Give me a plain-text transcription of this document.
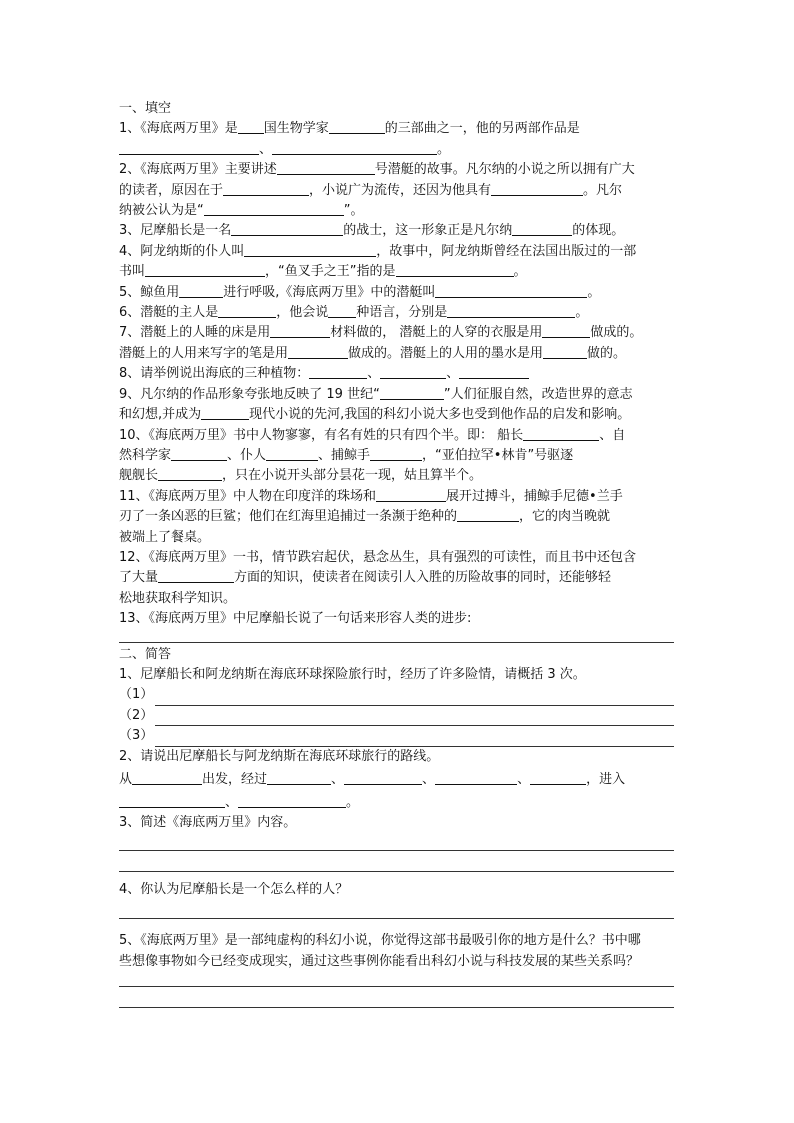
一、填空
1、《海底两万里》是 国生物学家	的三部曲之一，他的另两部作品是
、	。
2、《海底两万里》主要讲述	号潜艇的故事。凡尔纳的小说之所以拥有广大
的读者，原因在于	，小说广为流传，还因为他具有	。凡尔
纳被公认为是“	”。
3、尼摩船长是一名	的战士，这一形象正是凡尔纳	的体现。
4、阿龙纳斯的仆人叫	，故事中，阿龙纳斯曾经在法国出版过的一部
书叫	，“鱼叉手之王”指的是	。
5、鲸鱼用	进行呼吸,《海底两万里》中的潜艇叫	。
6、潜艇的主人是	，他会说 种语言，分别是	。
7、潜艇上的人睡的床是用	材料做的， 潜艇上的人穿的衣服是用	做成的。
潜艇上的人用来写字的笔是用	做成的。潜艇上的人用的墨水是用	做的。
8、请举例说出海底的三种植物：	、	、
9、凡尔纳的作品形象夸张地反映了 19 世纪“	”人们征服自然，改造世界的意志
和幻想,并成为	现代小说的先河,我国的科幻小说大多也受到他作品的启发和影响。
10、《海底两万里》书中人物寥寥，有名有姓的只有四个半。即： 船长	、自
然科学家	、仆人	、捕鲸手	，“亚伯拉罕•林肯”号驱逐
舰舰长	，只在小说开头部分昙花一现，姑且算半个。
11、《海底两万里》中人物在印度洋的珠场和	展开过搏斗，捕鲸手尼德•兰手
刃了一条凶恶的巨鲨；他们在红海里追捕过一条濒于绝种的	，它的肉当晚就
被端上了餐桌。
12、《海底两万里》一书，情节跌宕起伏，悬念丛生，具有强烈的可读性，而且书中还包含
了大量	方面的知识，使读者在阅读引人入胜的历险故事的同时，还能够轻
松地获取科学知识。
13、《海底两万里》中尼摩船长说了一句话来形容人类的进步:
二、简答
1、尼摩船长和阿龙纳斯在海底环球探险旅行时，经历了许多险情，请概括 3 次。
（1）
（2）
（3）
2、请说出尼摩船长与阿龙纳斯在海底环球旅行的路线。
从	出发，经过	、	、	、	，进入
、	。
3、简述《海底两万里》内容。
4、你认为尼摩船长是一个怎么样的人？
5、《海底两万里》是一部纯虚构的科幻小说，你觉得这部书最吸引你的地方是什么？书中哪
些想像事物如今已经变成现实，通过这些事例你能看出科幻小说与科技发展的某些关系吗？
